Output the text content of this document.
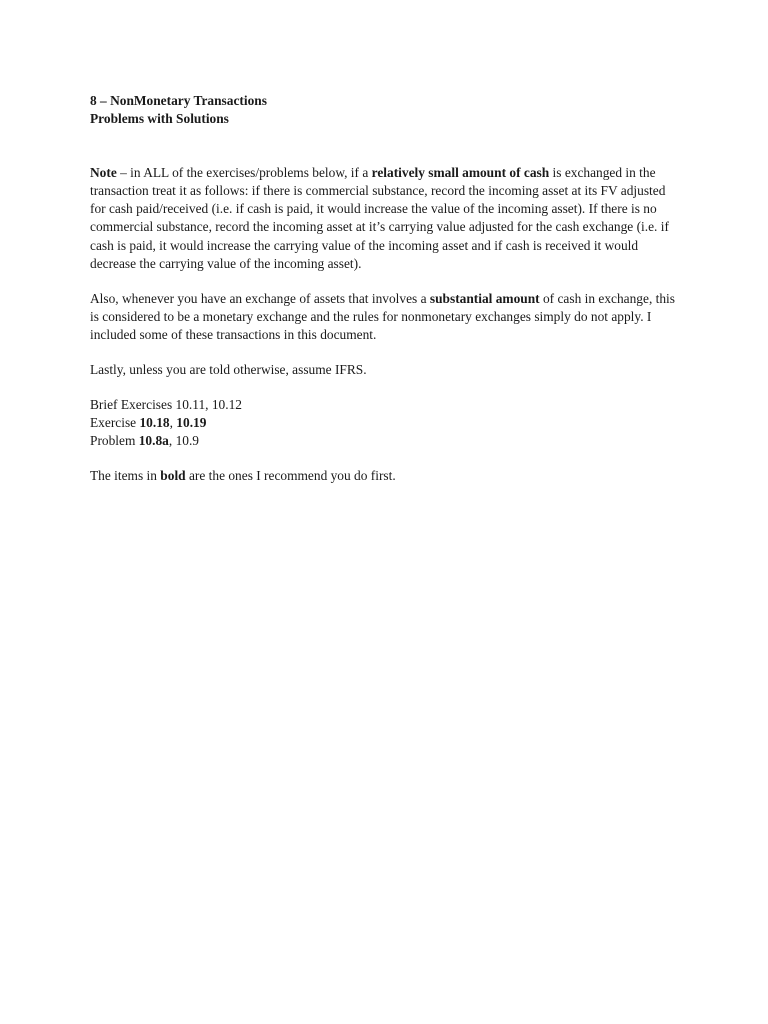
8 – NonMonetary Transactions
Problems with Solutions

Note – in ALL of the exercises/problems below, if a relatively small amount of cash is exchanged in the transaction treat it as follows: if there is commercial substance, record the incoming asset at its FV adjusted for cash paid/received (i.e. if cash is paid, it would increase the value of the incoming asset). If there is no commercial substance, record the incoming asset at it’s carrying value adjusted for the cash exchange (i.e. if cash is paid, it would increase the carrying value of the incoming asset and if cash is received it would decrease the carrying value of the incoming asset).

Also, whenever you have an exchange of assets that involves a substantial amount of cash in exchange, this is considered to be a monetary exchange and the rules for nonmonetary exchanges simply do not apply. I included some of these transactions in this document.

Lastly, unless you are told otherwise, assume IFRS.

Brief Exercises 10.11, 10.12
Exercise 10.18, 10.19
Problem 10.8a, 10.9

The items in bold are the ones I recommend you do first.
